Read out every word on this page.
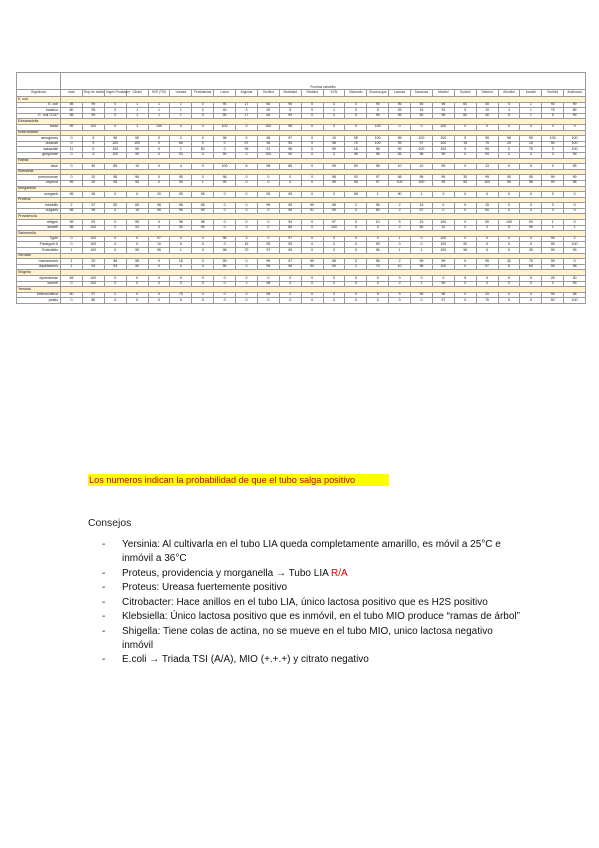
	Pruebas variables																							
Organismo	Indol	Rojo de metilo	Voges Proskauer	Citrato	H2S (TSI)	Ureasa	Fenilalanina	Lisina	Arginina	Ornitina	Movilidad	Gelatina	KCN	Malonato	Glucosa gas	Lactosa	Sacarosa	Manitol	Dulcitol	Salicina	Adonitol	Inositol	Sorbitol	Arabinosa
E. coli																								
E. coli	98	99	0	1	1	1	0	90	17	65	95	0	3	0	95	95	50	98	60	40	5	1	94	99
inactivo	80	95	0	1	1	1	0	40	3	20	5	0	1	0	5	25	15	93	5	10	3	1	75	85
E. coli O157	98	99	0	1	1	1	0	90	17	65	95	0	3	0	95	95	50	98	60	40	5	1	5	99
Edwardsiella																								
tarda	99	100	0	1	100	0	0	100	0	100	98	0	0	0	100	0	0	100	0	0	0	0	0	9
Enterobacter																								
aerogenes	0	5	98	95	0	2	0	98	0	98	97	0	10	95	100	95	100	100	5	95	98	95	100	100
cloacae	0	5	100	100	0	65	0	0	97	96	95	0	98	75	100	93	97	100	15	75	25	15	95	100
sakazakii	11	5	100	99	0	1	50	0	99	91	96	0	99	18	98	99	100	100	5	99	0	75	0	100
gergoviae	0	5	100	99	0	93	0	90	0	100	90	0	0	96	98	55	98	99	0	99	0	0	0	99
Hafnia																								
alvei	0	40	85	10	0	4	0	100	6	98	85	0	95	50	98	10	10	99	0	13	0	0	0	95
Klebsiella																								
pneumoniae	0	10	98	98	0	95	0	98	0	0	0	0	98	93	97	98	99	99	30	99	90	95	99	99
oxytoca	99	20	95	95	0	90	1	99	0	0	0	0	99	98	97	100	100	99	55	100	99	98	99	98
Morganella																								
morganii	95	95	0	0	20	95	95	0	0	95	95	0	0	98	1	90	1	0	0	0	0	0	0	0
Proteus																								
mirabilis	2	97	50	65	98	98	98	0	0	99	95	90	98	2	96	2	15	0	0	15	0	0	0	0
vulgaris	98	95	0	15	95	95	99	0	0	0	95	91	99	0	85	2	97	0	0	50	0	0	0	0
Providencia																								
rettgeri	99	93	0	95	0	98	98	0	0	0	94	0	97	0	10	5	15	100	0	50	100	90	1	0
stuartii	98	100	0	93	0	30	95	0	0	0	85	0	100	0	0	2	50	10	0	2	5	95	1	1
Salmonella																								
Typhi	0	100	0	0	97	0	0	98	3	0	97	0	0	0	0	1	0	100	0	0	0	0	99	2
Paratyphi A	0	100	0	0	10	0	0	0	15	95	95	0	0	0	99	0	0	100	90	0	0	0	95	100
Enteritidis	1	100	0	95	95	1	0	98	70	97	95	0	0	0	96	1	1	100	96	0	0	35	95	99
Serratia																								
marcescens	1	20	98	98	0	15	0	99	0	99	97	90	98	3	98	2	99	99	0	95	40	75	99	0
liquefaciens	1	93	93	90	0	3	0	95	0	95	95	90	90	2	75	10	98	100	0	97	8	60	95	98
Shigella																								
dysenteriae	45	100	0	0	0	0	0	0	2	0	0	0	0	0	0	0	0	0	5	0	0	0	25	30
sonnei	0	100	0	0	0	0	0	0	2	98	0	0	0	0	0	2	1	99	0	0	0	0	2	95
Yersinia																								
enterocolitica	50	97	2	0	0	75	0	0	0	95	2	0	0	0	5	5	95	98	0	20	0	0	99	98
pestis	0	80	0	0	0	0	0	0	0	0	0	0	0	0	0	0	0	97	0	70	0	0	50	100
Los numeros indican la probabilidad de que el tubo salga positivo
Consejos
- Yersinia: Al cultivarla en el tubo LIA queda completamente amarillo, es móvil a 25°C e inmóvil a 36°C
- Proteus, providencia y morganella → Tubo LIA R/A
- Proteus: Ureasa fuertemente positivo
- Citrobacter: Hace anillos en el tubo LIA, único lactosa positivo que es H2S positivo
- Klebsiella: Único lactosa positivo que es inmóvil, en el tubo MIO produce “ramas de árbol”
- Shigella: Tiene colas de actina, no se mueve en el tubo MIO, unico lactosa negativo inmóvil
- E.coli → Triada TSI (A/A), MIO (+.+.+) y citrato negativo
